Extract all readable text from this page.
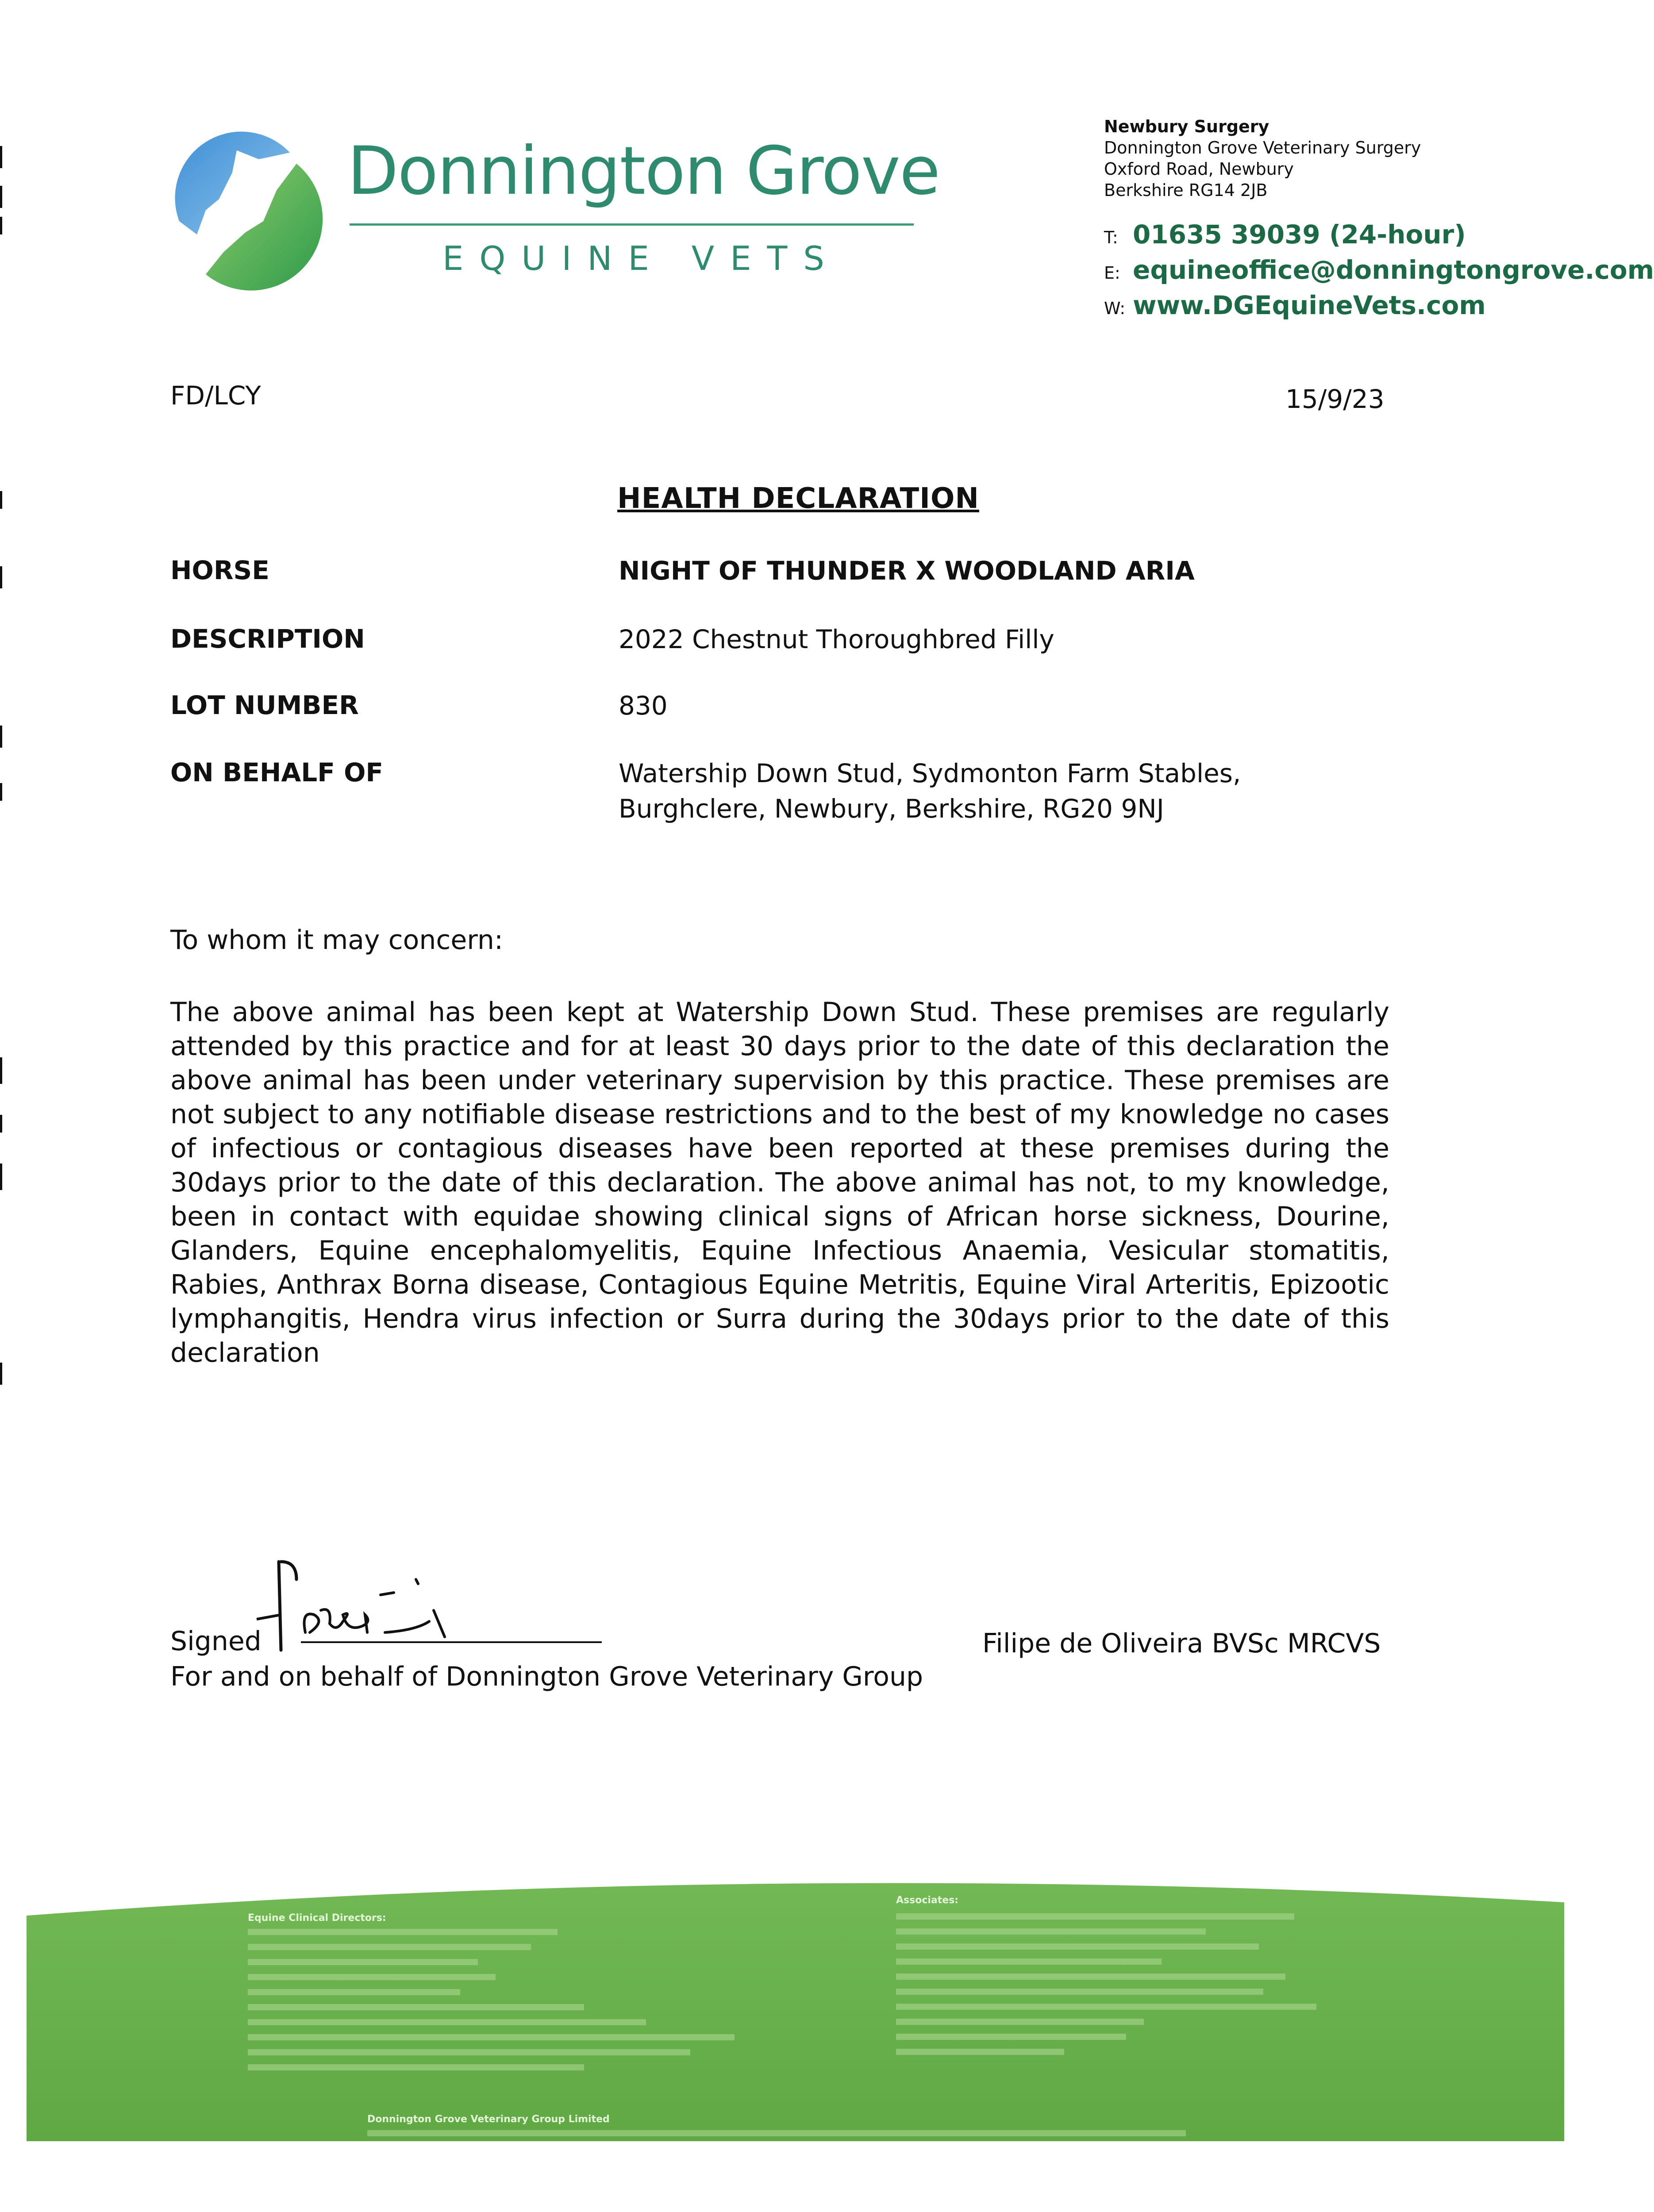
Donnington Grove
EQUINE VETS
Newbury Surgery
Donnington Grove Veterinary Surgery
Oxford Road, Newbury
Berkshire RG14 2JB
T: 01635 39039 (24-hour)
E: equineoffice@donningtongrove.com
W: www.DGEquineVets.com
FD/LCY	15/9/23
HEALTH DECLARATION
HORSE	NIGHT OF THUNDER X WOODLAND ARIA
DESCRIPTION	2022 Chestnut Thoroughbred Filly
LOT NUMBER	830
ON BEHALF OF	Watership Down Stud, Sydmonton Farm Stables,
Burghclere, Newbury, Berkshire, RG20 9NJ
To whom it may concern:
The above animal has been kept at Watership Down Stud. These premises are regularly attended by this practice and for at least 30 days prior to the date of this declaration the above animal has been under veterinary supervision by this practice. These premises are not subject to any notifiable disease restrictions and to the best of my knowledge no cases of infectious or contagious diseases have been reported at these premises during the 30days prior to the date of this declaration. The above animal has not, to my knowledge, been in contact with equidae showing clinical signs of African horse sickness, Dourine, Glanders, Equine encephalomyelitis, Equine Infectious Anaemia, Vesicular stomatitis, Rabies, Anthrax Borna disease, Contagious Equine Metritis, Equine Viral Arteritis, Epizootic lymphangitis, Hendra virus infection or Surra during the 30days prior to the date of this declaration
Signed
For and on behalf of Donnington Grove Veterinary Group
Filipe de Oliveira BVSc MRCVS
Equine Clinical Directors:
Associates:
Donnington Grove Veterinary Group Limited
